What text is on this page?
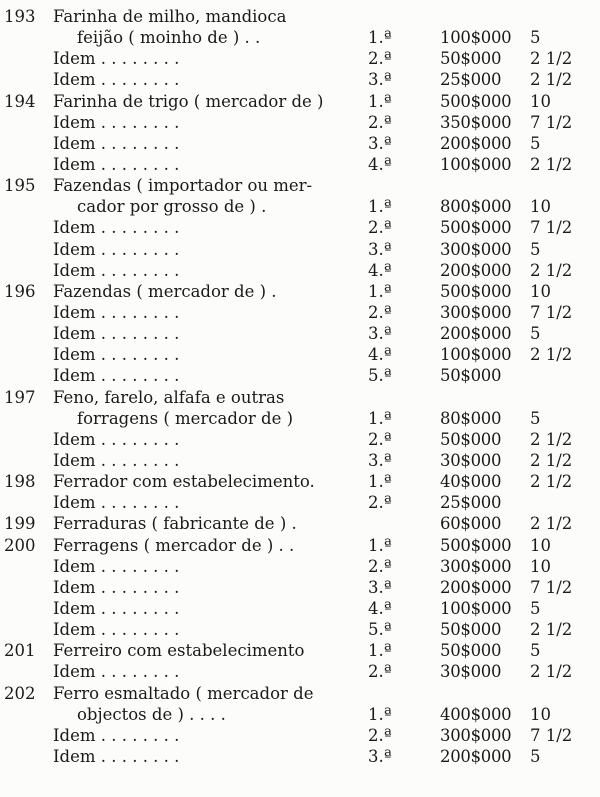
193 Farinha de milho, mandioca
feijão ( moinho de ) . .	1.ª	100$000	5
Idem . . . . . . . .	2.ª	50$000	2 1/2
Idem . . . . . . . .	3.ª	25$000	2 1/2
194 Farinha de trigo ( mercador de )	1.ª	500$000	10
Idem . . . . . . . .	2.ª	350$000	7 1/2
Idem . . . . . . . .	3.ª	200$000	5
Idem . . . . . . . .	4.ª	100$000	2 1/2
195 Fazendas ( importador ou mer-
cador por grosso de ) .	1.ª	800$000	10
Idem . . . . . . . .	2.ª	500$000	7 1/2
Idem . . . . . . . .	3.ª	300$000	5
Idem . . . . . . . .	4.ª	200$000	2 1/2
196 Fazendas ( mercador de ) .	1.ª	500$000	10
Idem . . . . . . . .	2.ª	300$000	7 1/2
Idem . . . . . . . .	3.ª	200$000	5
Idem . . . . . . . .	4.ª	100$000	2 1/2
Idem . . . . . . . .	5.ª	50$000
197 Feno, farelo, alfafa e outras
forragens ( mercador de )	1.ª	80$000	5
Idem . . . . . . . .	2.ª	50$000	2 1/2
Idem . . . . . . . .	3.ª	30$000	2 1/2
198 Ferrador com estabelecimento.	1.ª	40$000	2 1/2
Idem . . . . . . . .	2.ª	25$000
199 Ferraduras ( fabricante de ) .	60$000	2 1/2
200 Ferragens ( mercador de ) . .	1.ª	500$000	10
Idem . . . . . . . .	2.ª	300$000	10
Idem . . . . . . . .	3.ª	200$000	7 1/2
Idem . . . . . . . .	4.ª	100$000	5
Idem . . . . . . . .	5.ª	50$000	2 1/2
201 Ferreiro com estabelecimento	1.ª	50$000	5
Idem . . . . . . . .	2.ª	30$000	2 1/2
202 Ferro esmaltado ( mercador de
objectos de ) . . . .	1.ª	400$000	10
Idem . . . . . . . .	2.ª	300$000	7 1/2
Idem . . . . . . . .	3.ª	200$000	5
